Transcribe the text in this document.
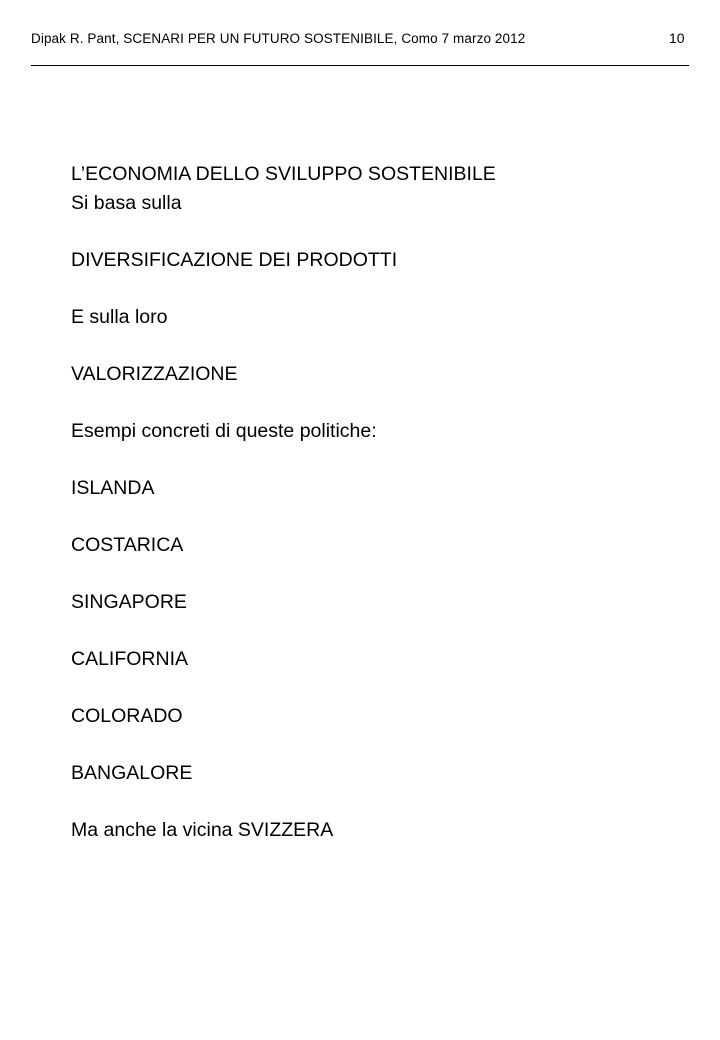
Dipak R. Pant, SCENARI PER UN FUTURO SOSTENIBILE, Como 7 marzo 2012	10
L’ECONOMIA DELLO SVILUPPO SOSTENIBILE
Si basa sulla
DIVERSIFICAZIONE DEI PRODOTTI
E sulla loro
VALORIZZAZIONE
Esempi concreti di queste politiche:
ISLANDA
COSTARICA
SINGAPORE
CALIFORNIA
COLORADO
BANGALORE
Ma anche la vicina SVIZZERA
